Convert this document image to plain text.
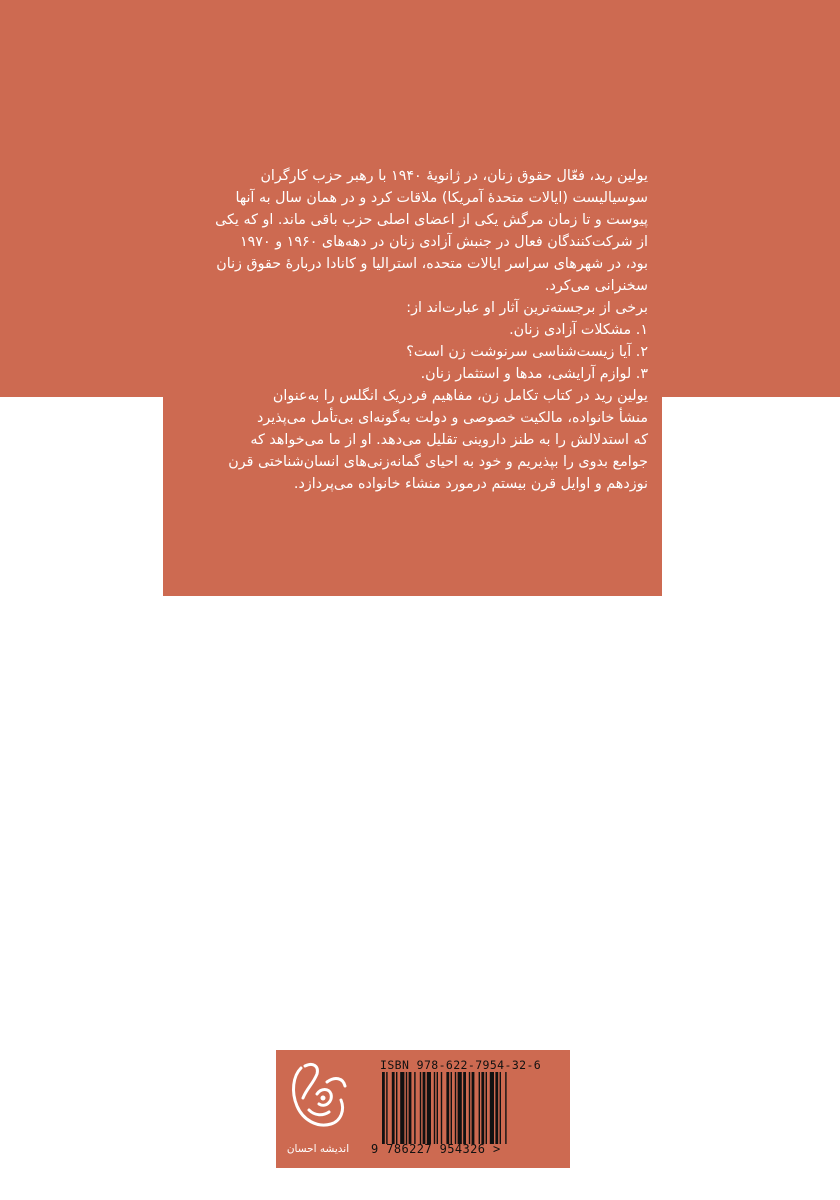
یولین رید، فعّال حقوق زنان، در ژانویهٔ ۱۹۴۰ با رهبر حزب کارگران
سوسیالیست (ایالات متحدهٔ آمریکا) ملاقات کرد و در همان سال به آنها
پیوست و تا زمان مرگش یکی از اعضای اصلی حزب باقی ماند. او که یکی
از شرکت‌کنندگان فعال در جنبش آزادی زنان در دهه‌های ۱۹۶۰ و ۱۹۷۰
بود، در شهرهای سراسر ایالات متحده، استرالیا و کانادا دربارهٔ حقوق زنان
سخنرانی می‌کرد.

برخی از برجسته‌ترین آثار او عبارت‌اند از:

۱. مشکلات آزادی زنان.
۲. آیا زیست‌شناسی سرنوشت زن است؟
۳. لوازم آرایشی، مدها و استثمار زنان.

یولین رید در کتاب تکامل زن، مفاهیم فردریک انگلس را به‌عنوان
منشأ خانواده، مالکیت خصوصی و دولت به‌گونه‌ای بی‌تأمل می‌پذیرد
که استدلالش را به طنز داروینی تقلیل می‌دهد. او از ما می‌خواهد که
جوامع بدوی را بپذیریم و خود به احیای گمانه‌زنی‌های انسان‌شناختی قرن
نوزدهم و اوایل قرن بیستم درمورد منشاء خانواده می‌پردازد.

اندیشه احسان
ISBN 978-622-7954-32-6
9 786227 954326 >
